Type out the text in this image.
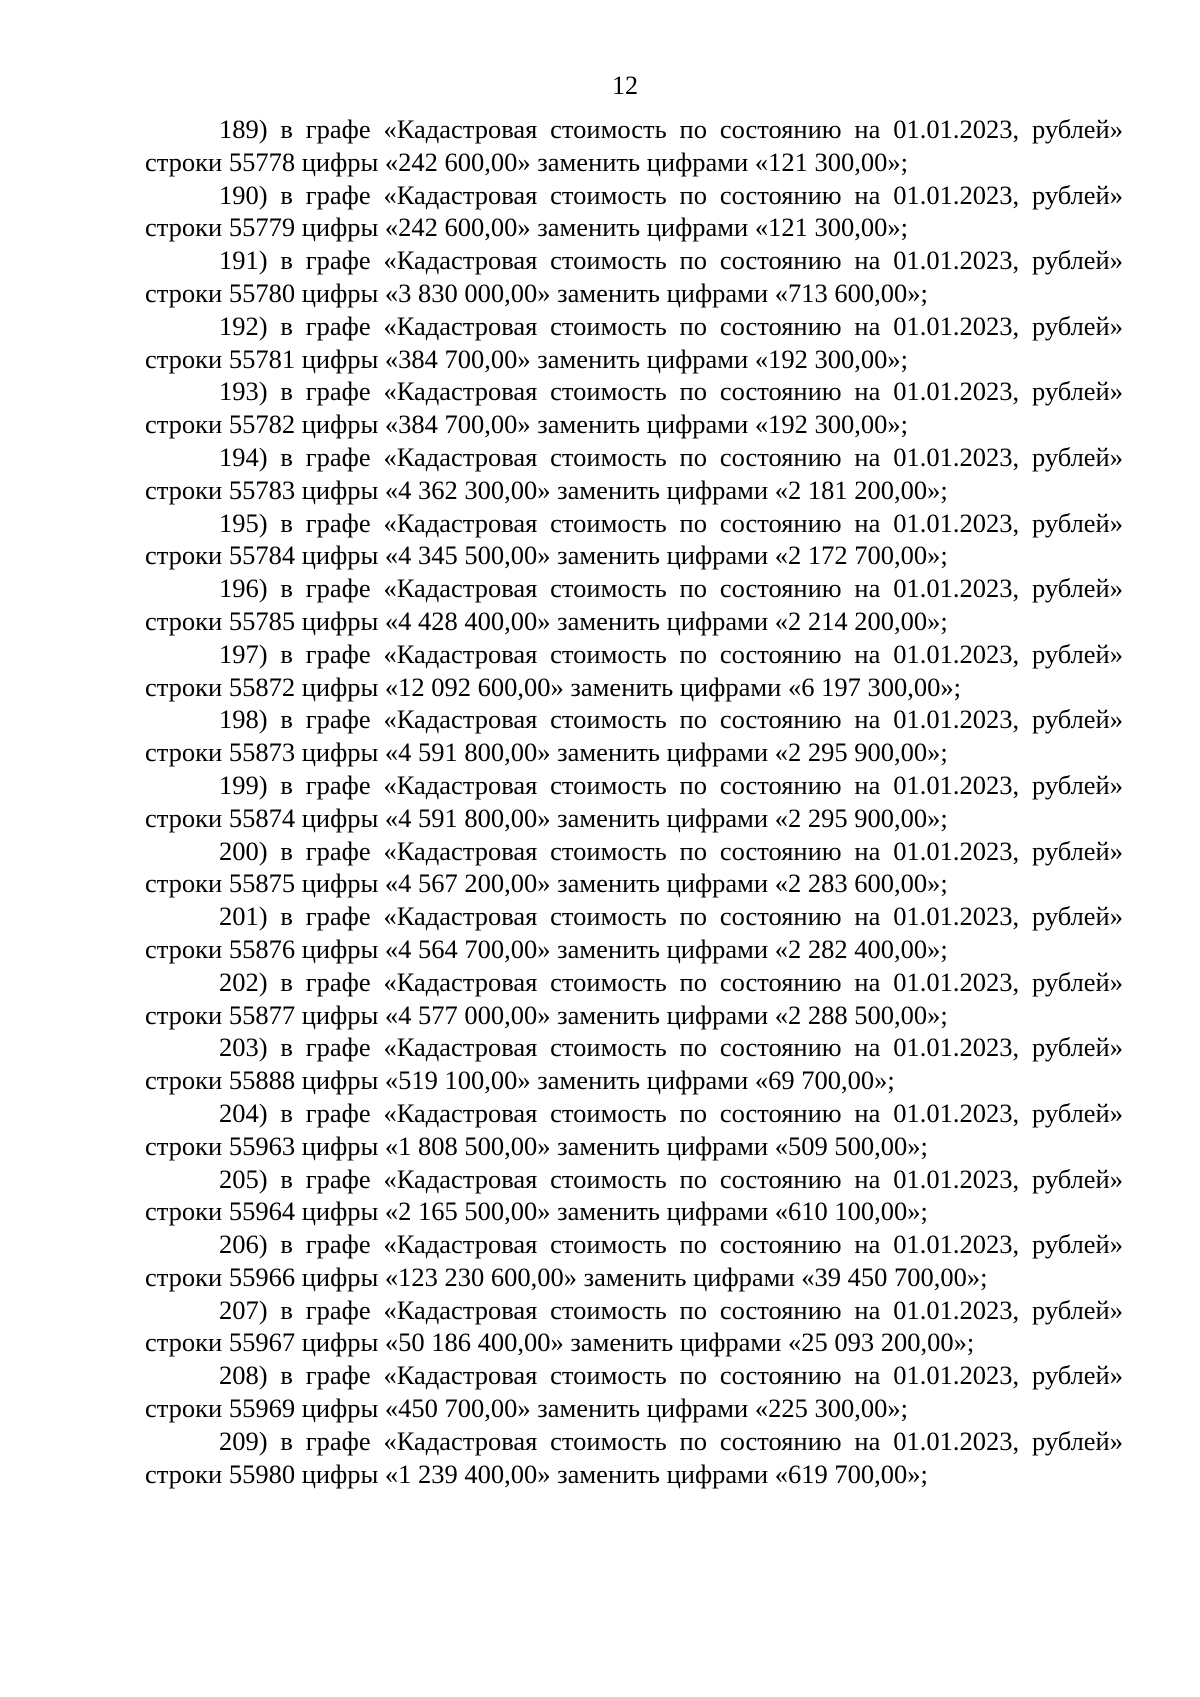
12

189) в графе «Кадастровая стоимость по состоянию на 01.01.2023, рублей» строки 55778 цифры «242 600,00» заменить цифрами «121 300,00»;

190) в графе «Кадастровая стоимость по состоянию на 01.01.2023, рублей» строки 55779 цифры «242 600,00» заменить цифрами «121 300,00»;

191) в графе «Кадастровая стоимость по состоянию на 01.01.2023, рублей» строки 55780 цифры «3 830 000,00» заменить цифрами «713 600,00»;

192) в графе «Кадастровая стоимость по состоянию на 01.01.2023, рублей» строки 55781 цифры «384 700,00» заменить цифрами «192 300,00»;

193) в графе «Кадастровая стоимость по состоянию на 01.01.2023, рублей» строки 55782 цифры «384 700,00» заменить цифрами «192 300,00»;

194) в графе «Кадастровая стоимость по состоянию на 01.01.2023, рублей» строки 55783 цифры «4 362 300,00» заменить цифрами «2 181 200,00»;

195) в графе «Кадастровая стоимость по состоянию на 01.01.2023, рублей» строки 55784 цифры «4 345 500,00» заменить цифрами «2 172 700,00»;

196) в графе «Кадастровая стоимость по состоянию на 01.01.2023, рублей» строки 55785 цифры «4 428 400,00» заменить цифрами «2 214 200,00»;

197) в графе «Кадастровая стоимость по состоянию на 01.01.2023, рублей» строки 55872 цифры «12 092 600,00» заменить цифрами «6 197 300,00»;

198) в графе «Кадастровая стоимость по состоянию на 01.01.2023, рублей» строки 55873 цифры «4 591 800,00» заменить цифрами «2 295 900,00»;

199) в графе «Кадастровая стоимость по состоянию на 01.01.2023, рублей» строки 55874 цифры «4 591 800,00» заменить цифрами «2 295 900,00»;

200) в графе «Кадастровая стоимость по состоянию на 01.01.2023, рублей» строки 55875 цифры «4 567 200,00» заменить цифрами «2 283 600,00»;

201) в графе «Кадастровая стоимость по состоянию на 01.01.2023, рублей» строки 55876 цифры «4 564 700,00» заменить цифрами «2 282 400,00»;

202) в графе «Кадастровая стоимость по состоянию на 01.01.2023, рублей» строки 55877 цифры «4 577 000,00» заменить цифрами «2 288 500,00»;

203) в графе «Кадастровая стоимость по состоянию на 01.01.2023, рублей» строки 55888 цифры «519 100,00» заменить цифрами «69 700,00»;

204) в графе «Кадастровая стоимость по состоянию на 01.01.2023, рублей» строки 55963 цифры «1 808 500,00» заменить цифрами «509 500,00»;

205) в графе «Кадастровая стоимость по состоянию на 01.01.2023, рублей» строки 55964 цифры «2 165 500,00» заменить цифрами «610 100,00»;

206) в графе «Кадастровая стоимость по состоянию на 01.01.2023, рублей» строки 55966 цифры «123 230 600,00» заменить цифрами «39 450 700,00»;

207) в графе «Кадастровая стоимость по состоянию на 01.01.2023, рублей» строки 55967 цифры «50 186 400,00» заменить цифрами «25 093 200,00»;

208) в графе «Кадастровая стоимость по состоянию на 01.01.2023, рублей» строки 55969 цифры «450 700,00» заменить цифрами «225 300,00»;

209) в графе «Кадастровая стоимость по состоянию на 01.01.2023, рублей» строки 55980 цифры «1 239 400,00» заменить цифрами «619 700,00»;
